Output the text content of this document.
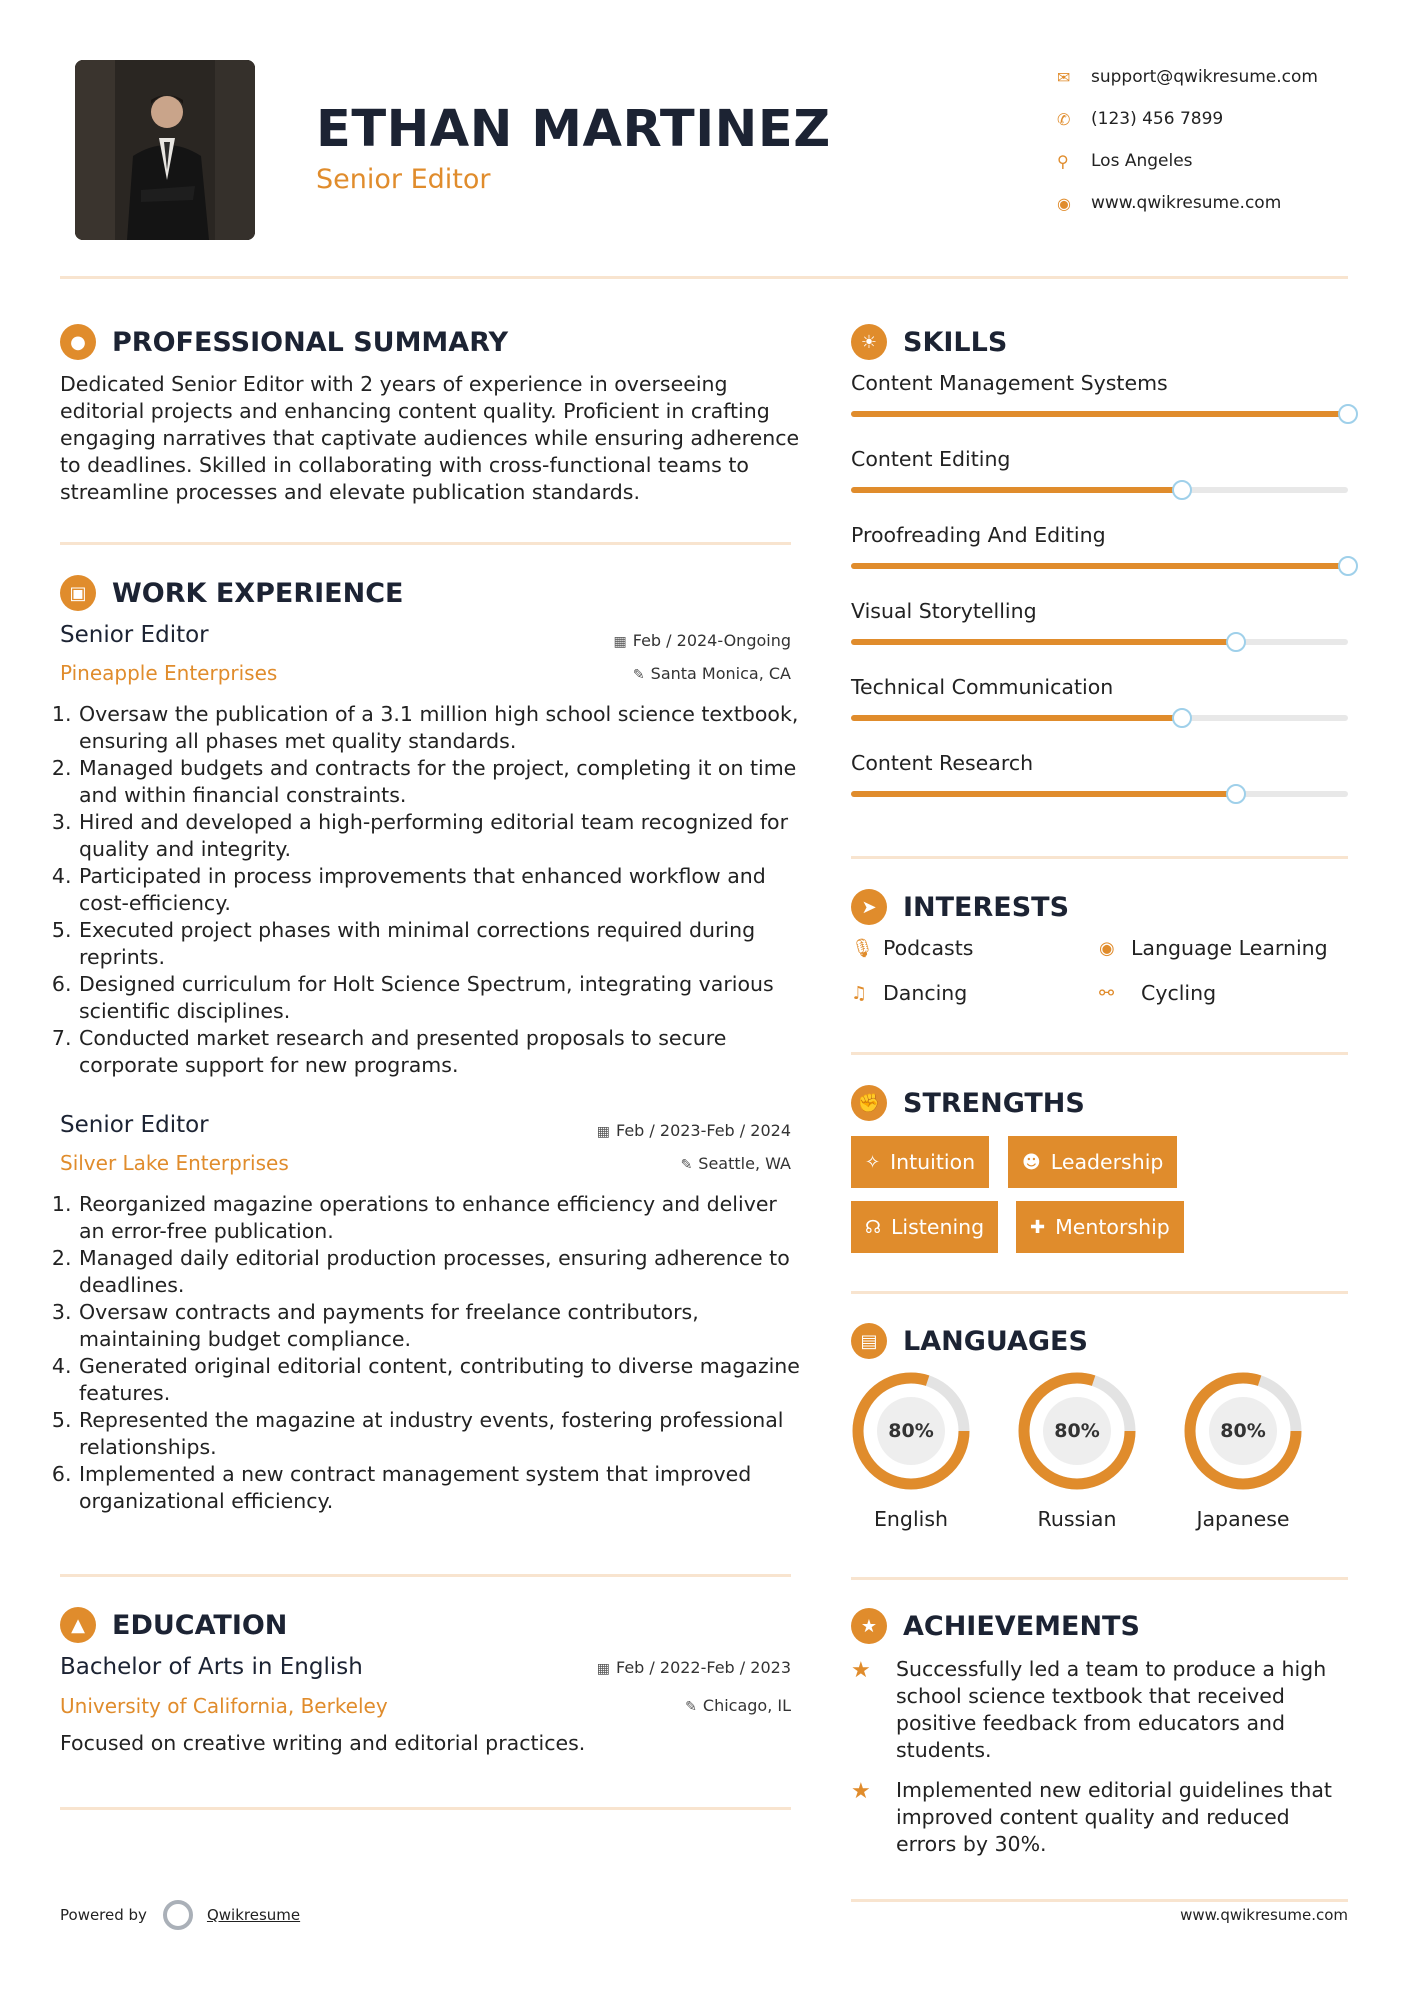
ETHAN MARTINEZ
Senior Editor
✉	support@qwikresume.com
✆	(123) 456 7899
⚲	Los Angeles
◉	www.qwikresume.com
● PROFESSIONAL SUMMARY
Dedicated Senior Editor with 2 years of experience in overseeing editorial projects and enhancing content quality. Proficient in crafting engaging narratives that captivate audiences while ensuring adherence to deadlines. Skilled in collaborating with cross-functional teams to streamline processes and elevate publication standards.
▣ WORK EXPERIENCE
Senior Editor
Pineapple Enterprises
▦ Feb / 2024-Ongoing
✎ Santa Monica, CA
1. Oversaw the publication of a 3.1 million high school science textbook, ensuring all phases met quality standards.
2. Managed budgets and contracts for the project, completing it on time and within financial constraints.
3. Hired and developed a high-performing editorial team recognized for quality and integrity.
4. Participated in process improvements that enhanced workflow and cost-efficiency.
5. Executed project phases with minimal corrections required during reprints.
6. Designed curriculum for Holt Science Spectrum, integrating various scientific disciplines.
7. Conducted market research and presented proposals to secure corporate support for new programs.
Senior Editor
Silver Lake Enterprises
▦ Feb / 2023-Feb / 2024
✎ Seattle, WA
1. Reorganized magazine operations to enhance efficiency and deliver an error-free publication.
2. Managed daily editorial production processes, ensuring adherence to deadlines.
3. Oversaw contracts and payments for freelance contributors, maintaining budget compliance.
4. Generated original editorial content, contributing to diverse magazine features.
5. Represented the magazine at industry events, fostering professional relationships.
6. Implemented a new contract management system that improved organizational efficiency.
▲	EDUCATION
Bachelor of Arts in English
University of California, Berkeley
▦ Feb / 2022-Feb / 2023
✎ Chicago, IL
Focused on creative writing and editorial practices.
☀ SKILLS
Content Management Systems
Content Editing
Proofreading And Editing
Visual Storytelling
Technical Communication
Content Research
➤ INTERESTS
🎙 Podcasts	◉ Language Learning
♫ Dancing	⚯	Cycling
✊ STRENGTHS
✧ Intuition	☻ Leadership
☊ Listening	✚ Mentorship
▤ LANGUAGES
80%
English
80%
Russian
80%
Japanese
★ ACHIEVEMENTS
★	Successfully led a team to produce a high school science textbook that received positive feedback from educators and students.
★	Implemented new editorial guidelines that improved content quality and reduced errors by 30%.
Powered by	Qwikresume	www.qwikresume.com
